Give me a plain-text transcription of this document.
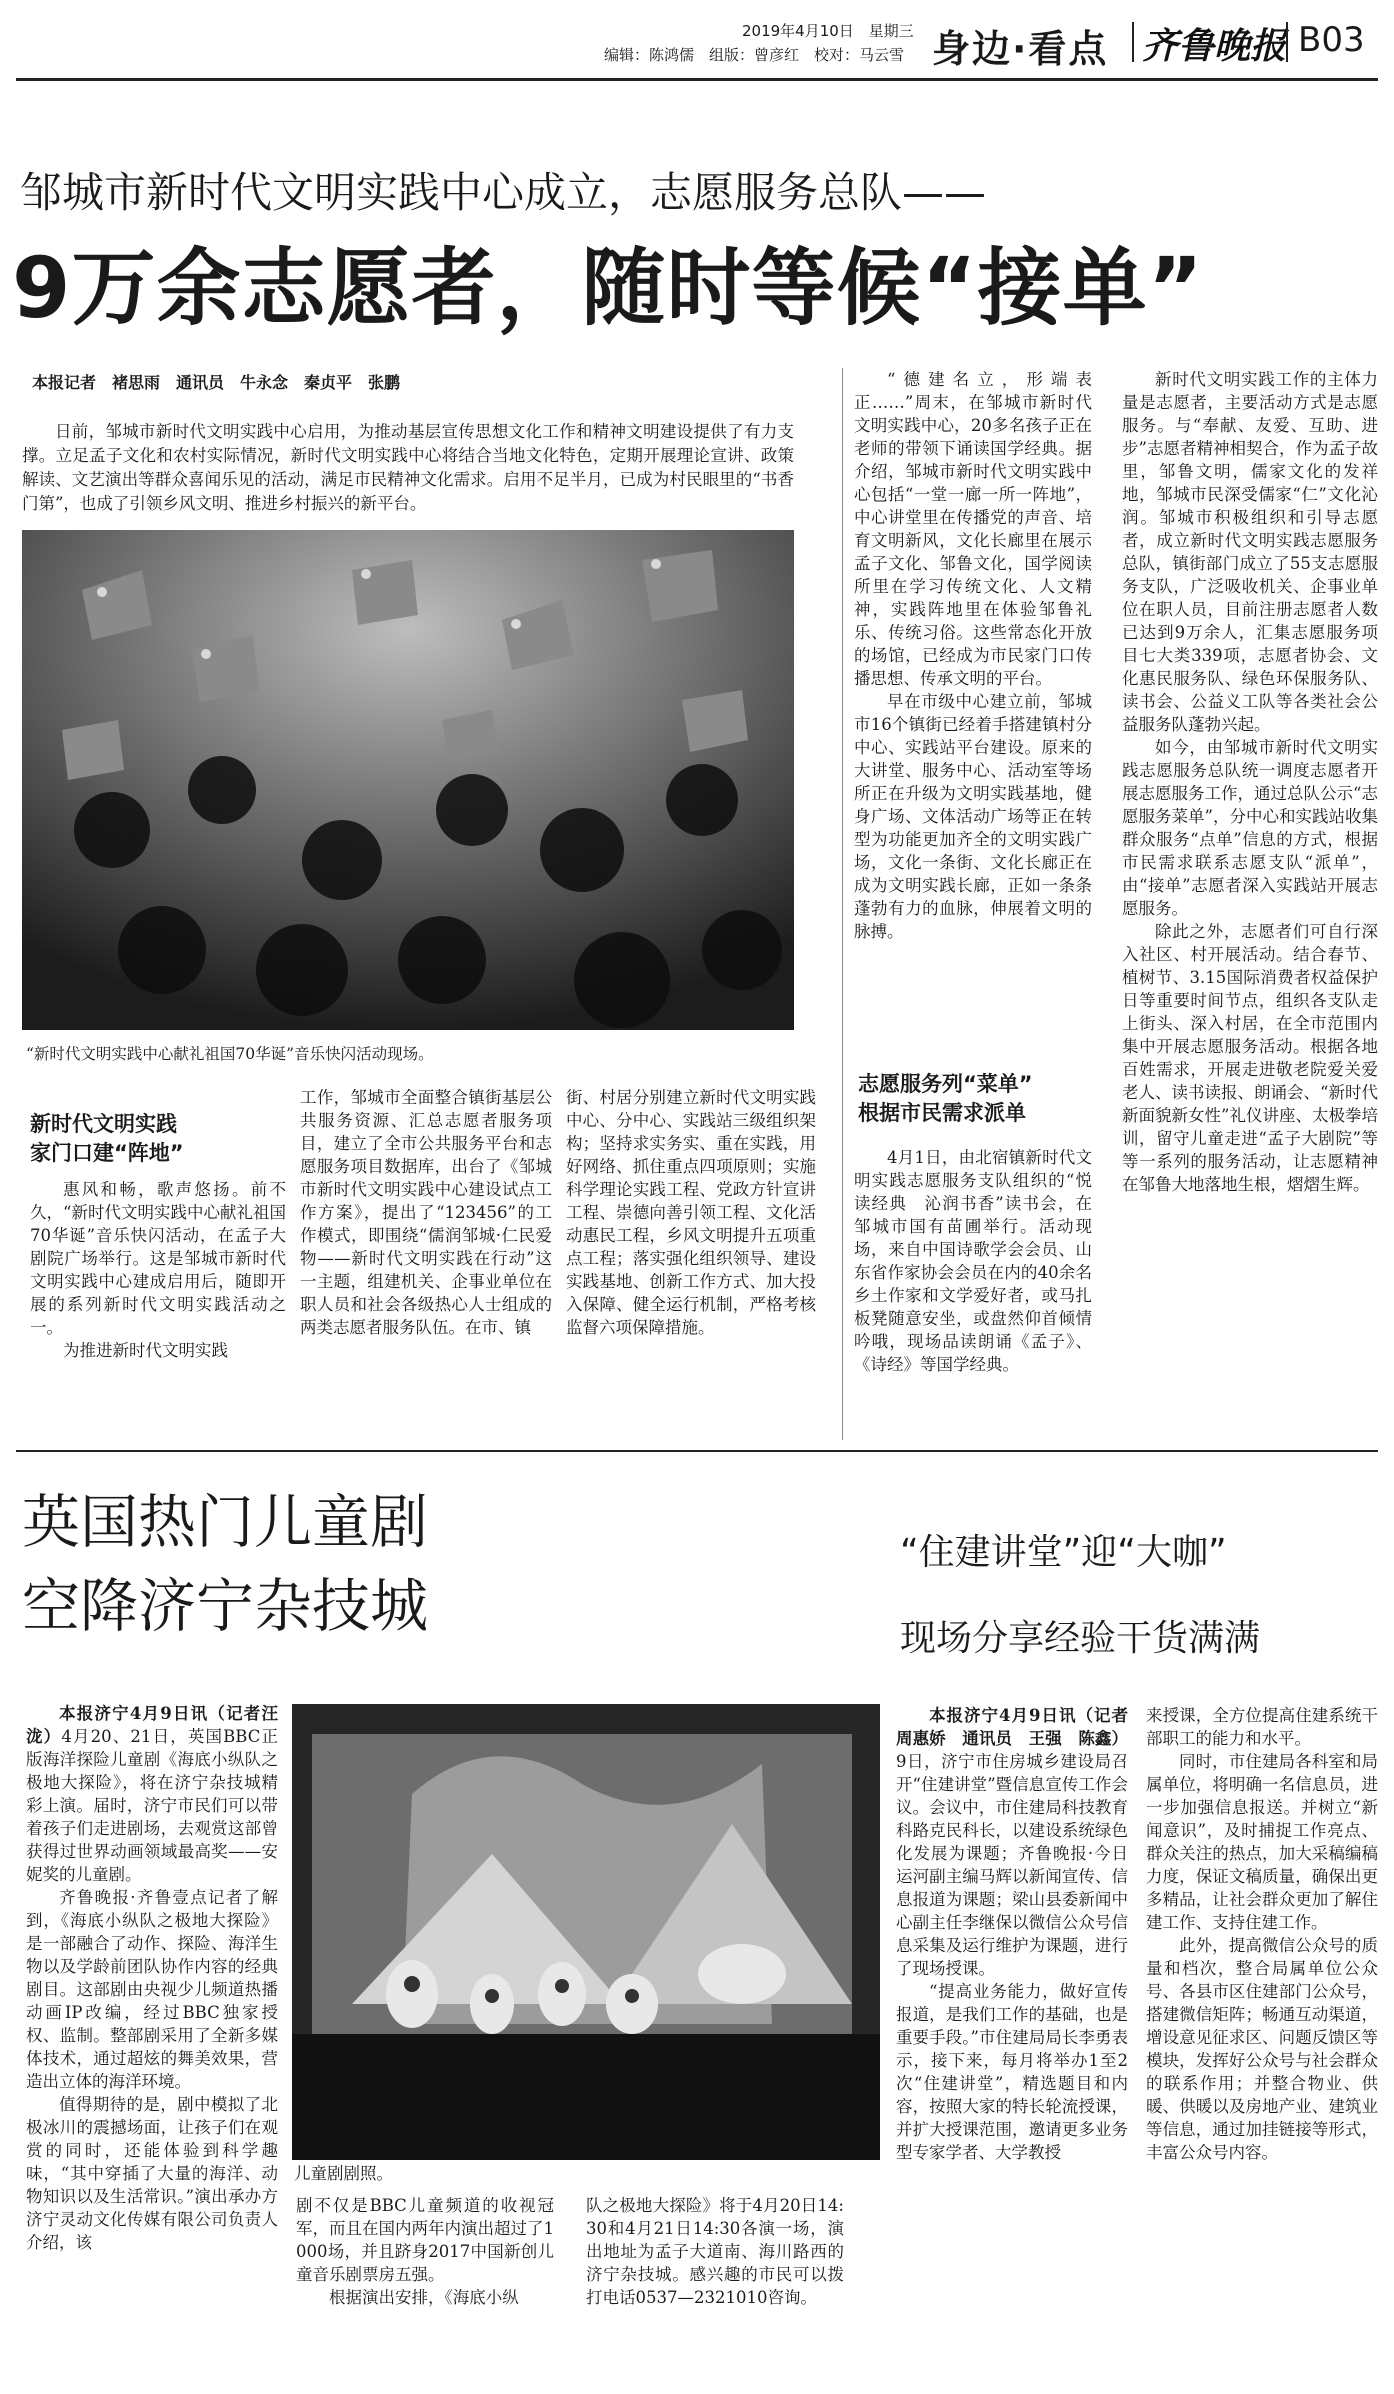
2019年4月10日 星期三
编辑：陈鸿儒　组版：曾彦红　校对：马云雪 身边·看点 齐鲁晚报 B03
邹城市新时代文明实践中心成立，志愿服务总队——
9万余志愿者，随时等候“接单”
本报记者　褚思雨　通讯员　牛永念　秦贞平　张鹏

日前，邹城市新时代文明实践中心启用，为推动基层宣传思想文化工作和精神文明建设提供了有力支撑。立足孟子文化和农村实际情况，新时代文明实践中心将结合当地文化特色，定期开展理论宣讲、政策解读、文艺演出等群众喜闻乐见的活动，满足市民精神文化需求。启用不足半月，已成为村民眼里的“书香门第”，也成了引领乡风文明、推进乡村振兴的新平台。

“新时代文明实践中心献礼祖国70华诞”音乐快闪活动现场。
新时代文明实践
家门口建“阵地”

惠风和畅，歌声悠扬。前不久，“新时代文明实践中心献礼祖国70华诞”音乐快闪活动，在孟子大剧院广场举行。这是邹城市新时代文明实践中心建成启用后，随即开展的系列新时代文明实践活动之一。

为推进新时代文明实践

工作，邹城市全面整合镇街基层公共服务资源、汇总志愿者服务项目，建立了全市公共服务平台和志愿服务项目数据库，出台了《邹城市新时代文明实践中心建设试点工作方案》，提出了“123456”的工作模式，即围绕“儒润邹城·仁民爱物——新时代文明实践在行动”这一主题，组建机关、企事业单位在职人员和社会各级热心人士组成的两类志愿者服务队伍。在市、镇

街、村居分别建立新时代文明实践中心、分中心、实践站三级组织架构；坚持求实务实、重在实践，用好网络、抓住重点四项原则；实施科学理论实践工程、党政方针宣讲工程、崇德向善引领工程、文化活动惠民工程，乡风文明提升五项重点工程；落实强化组织领导、建设实践基地、创新工作方式、加大投入保障、健全运行机制，严格考核监督六项保障措施。

“德建名立，形端表正……”周末，在邹城市新时代文明实践中心，20多名孩子正在老师的带领下诵读国学经典。据介绍，邹城市新时代文明实践中心包括“一堂一廊一所一阵地”，中心讲堂里在传播党的声音、培育文明新风，文化长廊里在展示孟子文化、邹鲁文化，国学阅读所里在学习传统文化、人文精神，实践阵地里在体验邹鲁礼乐、传统习俗。这些常态化开放的场馆，已经成为市民家门口传播思想、传承文明的平台。

早在市级中心建立前，邹城市16个镇街已经着手搭建镇村分中心、实践站平台建设。原来的大讲堂、服务中心、活动室等场所正在升级为文明实践基地，健身广场、文体活动广场等正在转型为功能更加齐全的文明实践广场，文化一条街、文化长廊正在成为文明实践长廊，正如一条条蓬勃有力的血脉，伸展着文明的脉搏。

志愿服务列“菜单”
根据市民需求派单

4月1日，由北宿镇新时代文明实践志愿服务支队组织的“悦读经典　沁润书香”读书会，在邹城市国有苗圃举行。活动现场，来自中国诗歌学会会员、山东省作家协会会员在内的40余名乡土作家和文学爱好者，或马扎板凳随意安坐，或盘然仰首倾情吟哦，现场品读朗诵《孟子》、《诗经》等国学经典。

新时代文明实践工作的主体力量是志愿者，主要活动方式是志愿服务。与“奉献、友爱、互助、进步”志愿者精神相契合，作为孟子故里，邹鲁文明，儒家文化的发祥地，邹城市民深受儒家“仁”文化沁润。邹城市积极组织和引导志愿者，成立新时代文明实践志愿服务总队，镇街部门成立了55支志愿服务支队，广泛吸收机关、企事业单位在职人员，目前注册志愿者人数已达到9万余人，汇集志愿服务项目七大类339项，志愿者协会、文化惠民服务队、绿色环保服务队、读书会、公益义工队等各类社会公益服务队蓬勃兴起。

如今，由邹城市新时代文明实践志愿服务总队统一调度志愿者开展志愿服务工作，通过总队公示“志愿服务菜单”，分中心和实践站收集群众服务“点单”信息的方式，根据市民需求联系志愿支队“派单”，由“接单”志愿者深入实践站开展志愿服务。

除此之外，志愿者们可自行深入社区、村开展活动。结合春节、植树节、3.15国际消费者权益保护日等重要时间节点，组织各支队走上街头、深入村居，在全市范围内集中开展志愿服务活动。根据各地百姓需求，开展走进敬老院爱关爱老人、读书读报、朗诵会、“新时代新面貌新女性”礼仪讲座、太极拳培训，留守儿童走进“孟子大剧院”等等一系列的服务活动，让志愿精神在邹鲁大地落地生根，熠熠生辉。

英国热门儿童剧
空降济宁杂技城

本报济宁4月9日讯（记者汪泷）4月20、21日，英国BBC正版海洋探险儿童剧《海底小纵队之极地大探险》，将在济宁杂技城精彩上演。届时，济宁市民们可以带着孩子们走进剧场，去观赏这部曾获得过世界动画领域最高奖——安妮奖的儿童剧。

齐鲁晚报·齐鲁壹点记者了解到，《海底小纵队之极地大探险》是一部融合了动作、探险、海洋生物以及学龄前团队协作内容的经典剧目。这部剧由央视少儿频道热播动画IP改编，经过BBC独家授权、监制。整部剧采用了全新多媒体技术，通过超炫的舞美效果，营造出立体的海洋环境。

值得期待的是，剧中模拟了北极冰川的震撼场面，让孩子们在观赏的同时，还能体验到科学趣味，“其中穿插了大量的海洋、动物知识以及生活常识。”演出承办方济宁灵动文化传媒有限公司负责人介绍，该

儿童剧剧照。

剧不仅是BBC儿童频道的收视冠军，而且在国内两年内演出超过了1000场，并且跻身2017中国新创儿童音乐剧票房五强。

根据演出安排，《海底小纵

队之极地大探险》将于4月20日14:30和4月21日14:30各演一场，演出地址为孟子大道南、海川路西的济宁杂技城。感兴趣的市民可以拨打电话0537—2321010咨询。

“住建讲堂”迎“大咖”
现场分享经验干货满满

本报济宁4月9日讯（记者　周惠娇　通讯员　王强　陈鑫）9日，济宁市住房城乡建设局召开“住建讲堂”暨信息宣传工作会议。会议中，市住建局科技教育科路克民科长，以建设系统绿色化发展为课题；齐鲁晚报·今日运河副主编马辉以新闻宣传、信息报道为课题；梁山县委新闻中心副主任李继保以微信公众号信息采集及运行维护为课题，进行了现场授课。

“提高业务能力，做好宣传报道，是我们工作的基础，也是重要手段。”市住建局局长李勇表示，接下来，每月将举办1至2次“住建讲堂”，精选题目和内容，按照大家的特长轮流授课，并扩大授课范围，邀请更多业务型专家学者、大学教授

来授课，全方位提高住建系统干部职工的能力和水平。

同时，市住建局各科室和局属单位，将明确一名信息员，进一步加强信息报送。并树立“新闻意识”，及时捕捉工作亮点、群众关注的热点，加大采稿编稿力度，保证文稿质量，确保出更多精品，让社会群众更加了解住建工作、支持住建工作。

此外，提高微信公众号的质量和档次，整合局属单位公众号、各县市区住建部门公众号，搭建微信矩阵；畅通互动渠道，增设意见征求区、问题反馈区等模块，发挥好公众号与社会群众的联系作用；并整合物业、供暖、供暖以及房地产业、建筑业等信息，通过加挂链接等形式，丰富公众号内容。
